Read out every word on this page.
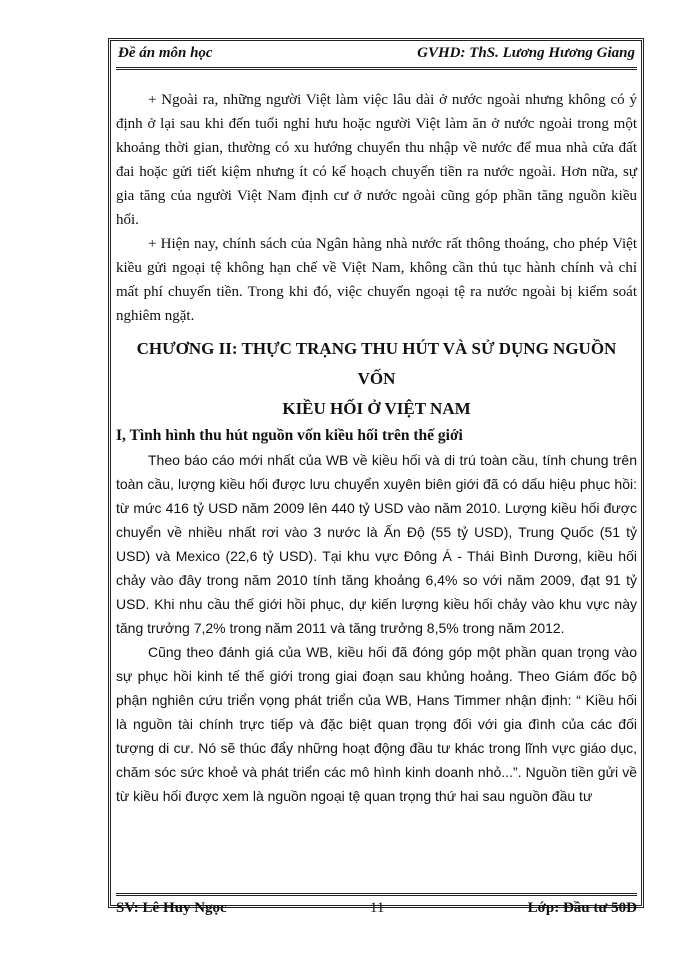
Đề án môn học	GVHD: ThS. Lương Hương Giang

+ Ngoài ra, những người Việt làm việc lâu dài ở nước ngoài nhưng không có ý định ở lại sau khi đến tuổi nghỉ hưu hoặc người Việt làm ăn ở nước ngoài trong một khoảng thời gian, thường có xu hướng chuyển thu nhập về nước để mua nhà cửa đất đai hoặc gửi tiết kiệm nhưng ít có kế hoạch chuyển tiền ra nước ngoài. Hơn nữa, sự gia tăng của người Việt Nam định cư ở nước ngoài cũng góp phần tăng nguồn kiều hối.

+ Hiện nay, chính sách của Ngân hàng nhà nước rất thông thoáng, cho phép Việt kiều gửi ngoại tệ không hạn chế về Việt Nam, không cần thủ tục hành chính và chỉ mất phí chuyển tiền. Trong khi đó, việc chuyển ngoại tệ ra nước ngoài bị kiểm soát nghiêm ngặt.

CHƯƠNG II: THỰC TRẠNG THU HÚT VÀ SỬ DỤNG NGUỒN VỐN
KIỀU HỐI Ở VIỆT NAM

I, Tình hình thu hút nguồn vốn kiều hối trên thế giới

Theo báo cáo mới nhất của WB về kiều hối và di trú toàn cầu, tính chung trên toàn cầu, lượng kiều hối được lưu chuyển xuyên biên giới đã có dấu hiệu phục hồi: từ mức 416 tỷ USD năm 2009 lên 440 tỷ USD vào năm 2010. Lượng kiều hối được chuyển về nhiều nhất rơi vào 3 nước là Ấn Độ (55 tỷ USD), Trung Quốc (51 tỷ USD) và Mexico (22,6 tỷ USD). Tại khu vực Đông Á - Thái Bình Dương, kiều hối chảy vào đây trong năm 2010 tính tăng khoảng 6,4% so với năm 2009, đạt 91 tỷ USD. Khi nhu cầu thế giới hồi phục, dự kiến lượng kiều hối chảy vào khu vực này tăng trưởng 7,2% trong năm 2011 và tăng trưởng 8,5% trong năm 2012.

Cũng theo đánh giá của WB, kiều hối đã đóng góp một phần quan trọng vào sự phục hồi kinh tế thế giới trong giai đoạn sau khủng hoảng. Theo Giám đốc bộ phận nghiên cứu triển vọng phát triển của WB, Hans Timmer nhận định: “ Kiều hối là nguồn tài chính trực tiếp và đặc biệt quan trọng đối với gia đình của các đối tượng di cư. Nó sẽ thúc đẩy những hoạt động đầu tư khác trong lĩnh vực giáo dục, chăm sóc sức khoẻ và phát triển các mô hình kinh doanh nhỏ...”. Nguồn tiền gửi về từ kiều hối được xem là nguồn ngoại tệ quan trọng thứ hai sau nguồn đầu tư

SV: Lê Huy Ngọc	11	Lớp: Đầu tư 50D
